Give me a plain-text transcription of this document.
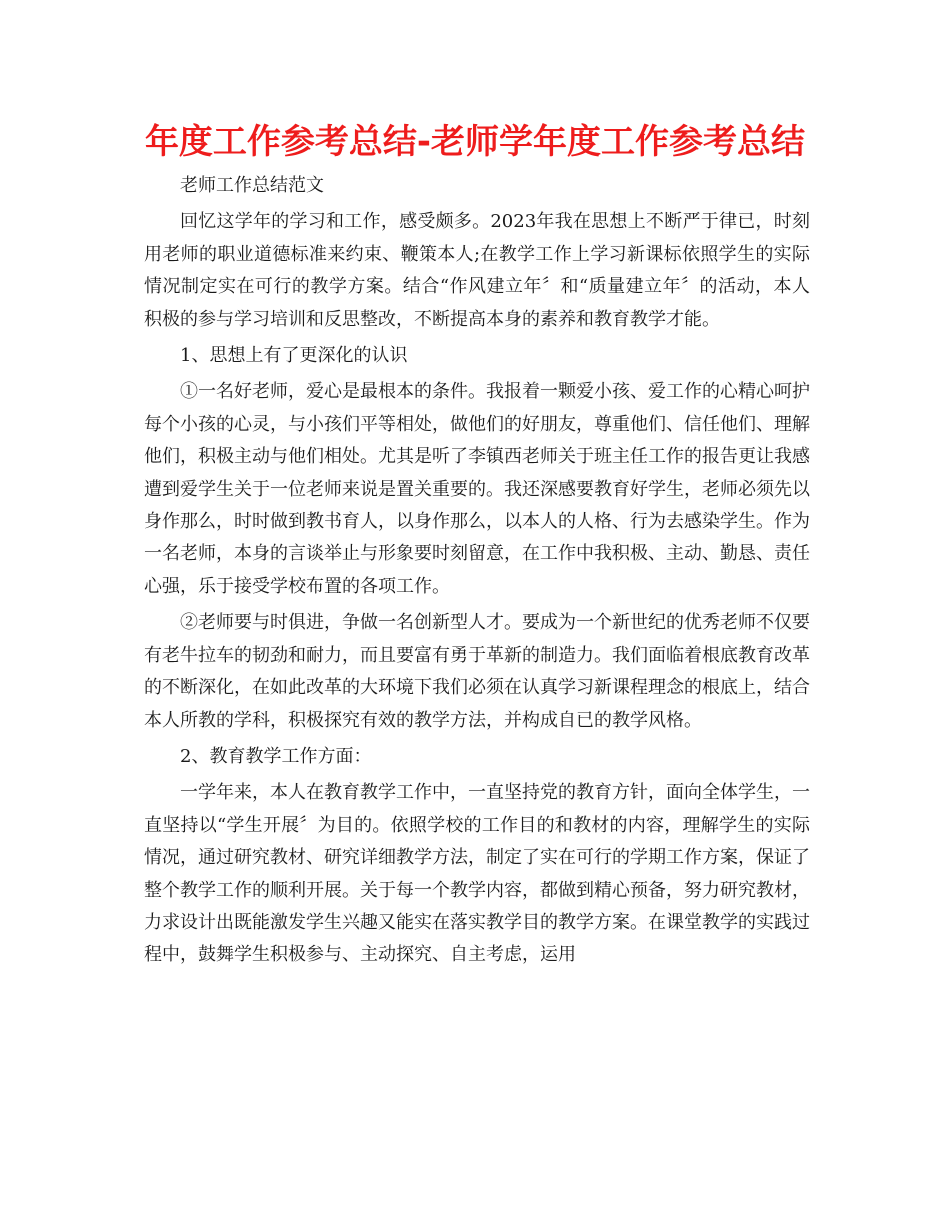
年度工作参考总结-老师学年度工作参考总结

老师工作总结范文

回忆这学年的学习和工作，感受颇多。2023年我在思想上不断严于律已，时刻用老师的职业道德标准来约束、鞭策本人;在教学工作上学习新课标依照学生的实际情况制定实在可行的教学方案。结合“作风建立年〞和“质量建立年〞的活动，本人积极的参与学习培训和反思整改，不断提高本身的素养和教育教学才能。

1、思想上有了更深化的认识

①一名好老师，爱心是最根本的条件。我报着一颗爱小孩、爱工作的心精心呵护每个小孩的心灵，与小孩们平等相处，做他们的好朋友，尊重他们、信任他们、理解他们，积极主动与他们相处。尤其是听了李镇西老师关于班主任工作的报告更让我感遭到爱学生关于一位老师来说是置关重要的。我还深感要教育好学生，老师必须先以身作那么，时时做到教书育人，以身作那么，以本人的人格、行为去感染学生。作为一名老师，本身的言谈举止与形象要时刻留意，在工作中我积极、主动、勤恳、责任心强，乐于接受学校布置的各项工作。

②老师要与时俱进，争做一名创新型人才。要成为一个新世纪的优秀老师不仅要有老牛拉车的韧劲和耐力，而且要富有勇于革新的制造力。我们面临着根底教育改革的不断深化，在如此改革的大环境下我们必须在认真学习新课程理念的根底上，结合本人所教的学科，积极探究有效的教学方法，并构成自已的教学风格。

2、教育教学工作方面：

一学年来，本人在教育教学工作中，一直坚持党的教育方针，面向全体学生，一直坚持以“学生开展〞为目的。依照学校的工作目的和教材的内容，理解学生的实际情况，通过研究教材、研究详细教学方法，制定了实在可行的学期工作方案，保证了整个教学工作的顺利开展。关于每一个教学内容，都做到精心预备，努力研究教材，力求设计出既能激发学生兴趣又能实在落实教学目的教学方案。在课堂教学的实践过程中，鼓舞学生积极参与、主动探究、自主考虑，运用
